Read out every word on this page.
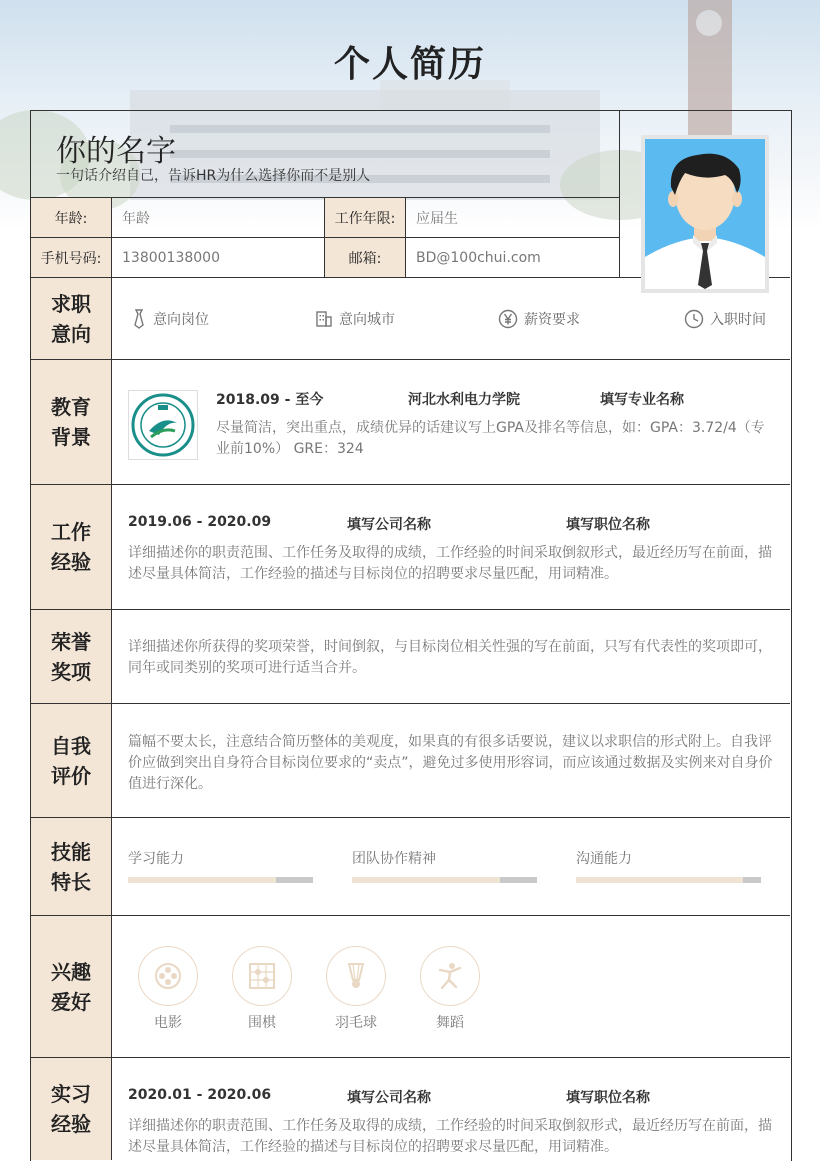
个人简历
你的名字
一句话介绍自己，告诉HR为什么选择你而不是别人
年龄:	年龄	工作年限:	应届生
手机号码:	13800138000	邮箱:	BD@100chui.com
求职
意向
意向岗位	意向城市	薪资要求	入职时间
教育
背景
2018.09 - 至今	河北水利电力学院	填写专业名称
尽量简洁，突出重点，成绩优异的话建议写上GPA及排名等信息，如：GPA：3.72/4（专业前10%） GRE：324
工作
经验
2019.06 - 2020.09	填写公司名称	填写职位名称
详细描述你的职责范围、工作任务及取得的成绩，工作经验的时间采取倒叙形式，最近经历写在前面，描述尽量具体简洁，工作经验的描述与目标岗位的招聘要求尽量匹配，用词精准。
荣誉
奖项
详细描述你所获得的奖项荣誉，时间倒叙，与目标岗位相关性强的写在前面，只写有代表性的奖项即可，同年或同类别的奖项可进行适当合并。
自我
评价
篇幅不要太长，注意结合简历整体的美观度，如果真的有很多话要说，建议以求职信的形式附上。自我评价应做到突出自身符合目标岗位要求的“卖点”，避免过多使用形容词，而应该通过数据及实例来对自身价值进行深化。
技能
特长
学习能力	团队协作精神	沟通能力
兴趣
爱好
电影	围棋	羽毛球	舞蹈
实习
经验
2020.01 - 2020.06	填写公司名称	填写职位名称
详细描述你的职责范围、工作任务及取得的成绩，工作经验的时间采取倒叙形式，最近经历写在前面，描述尽量具体简洁，工作经验的描述与目标岗位的招聘要求尽量匹配，用词精准。
